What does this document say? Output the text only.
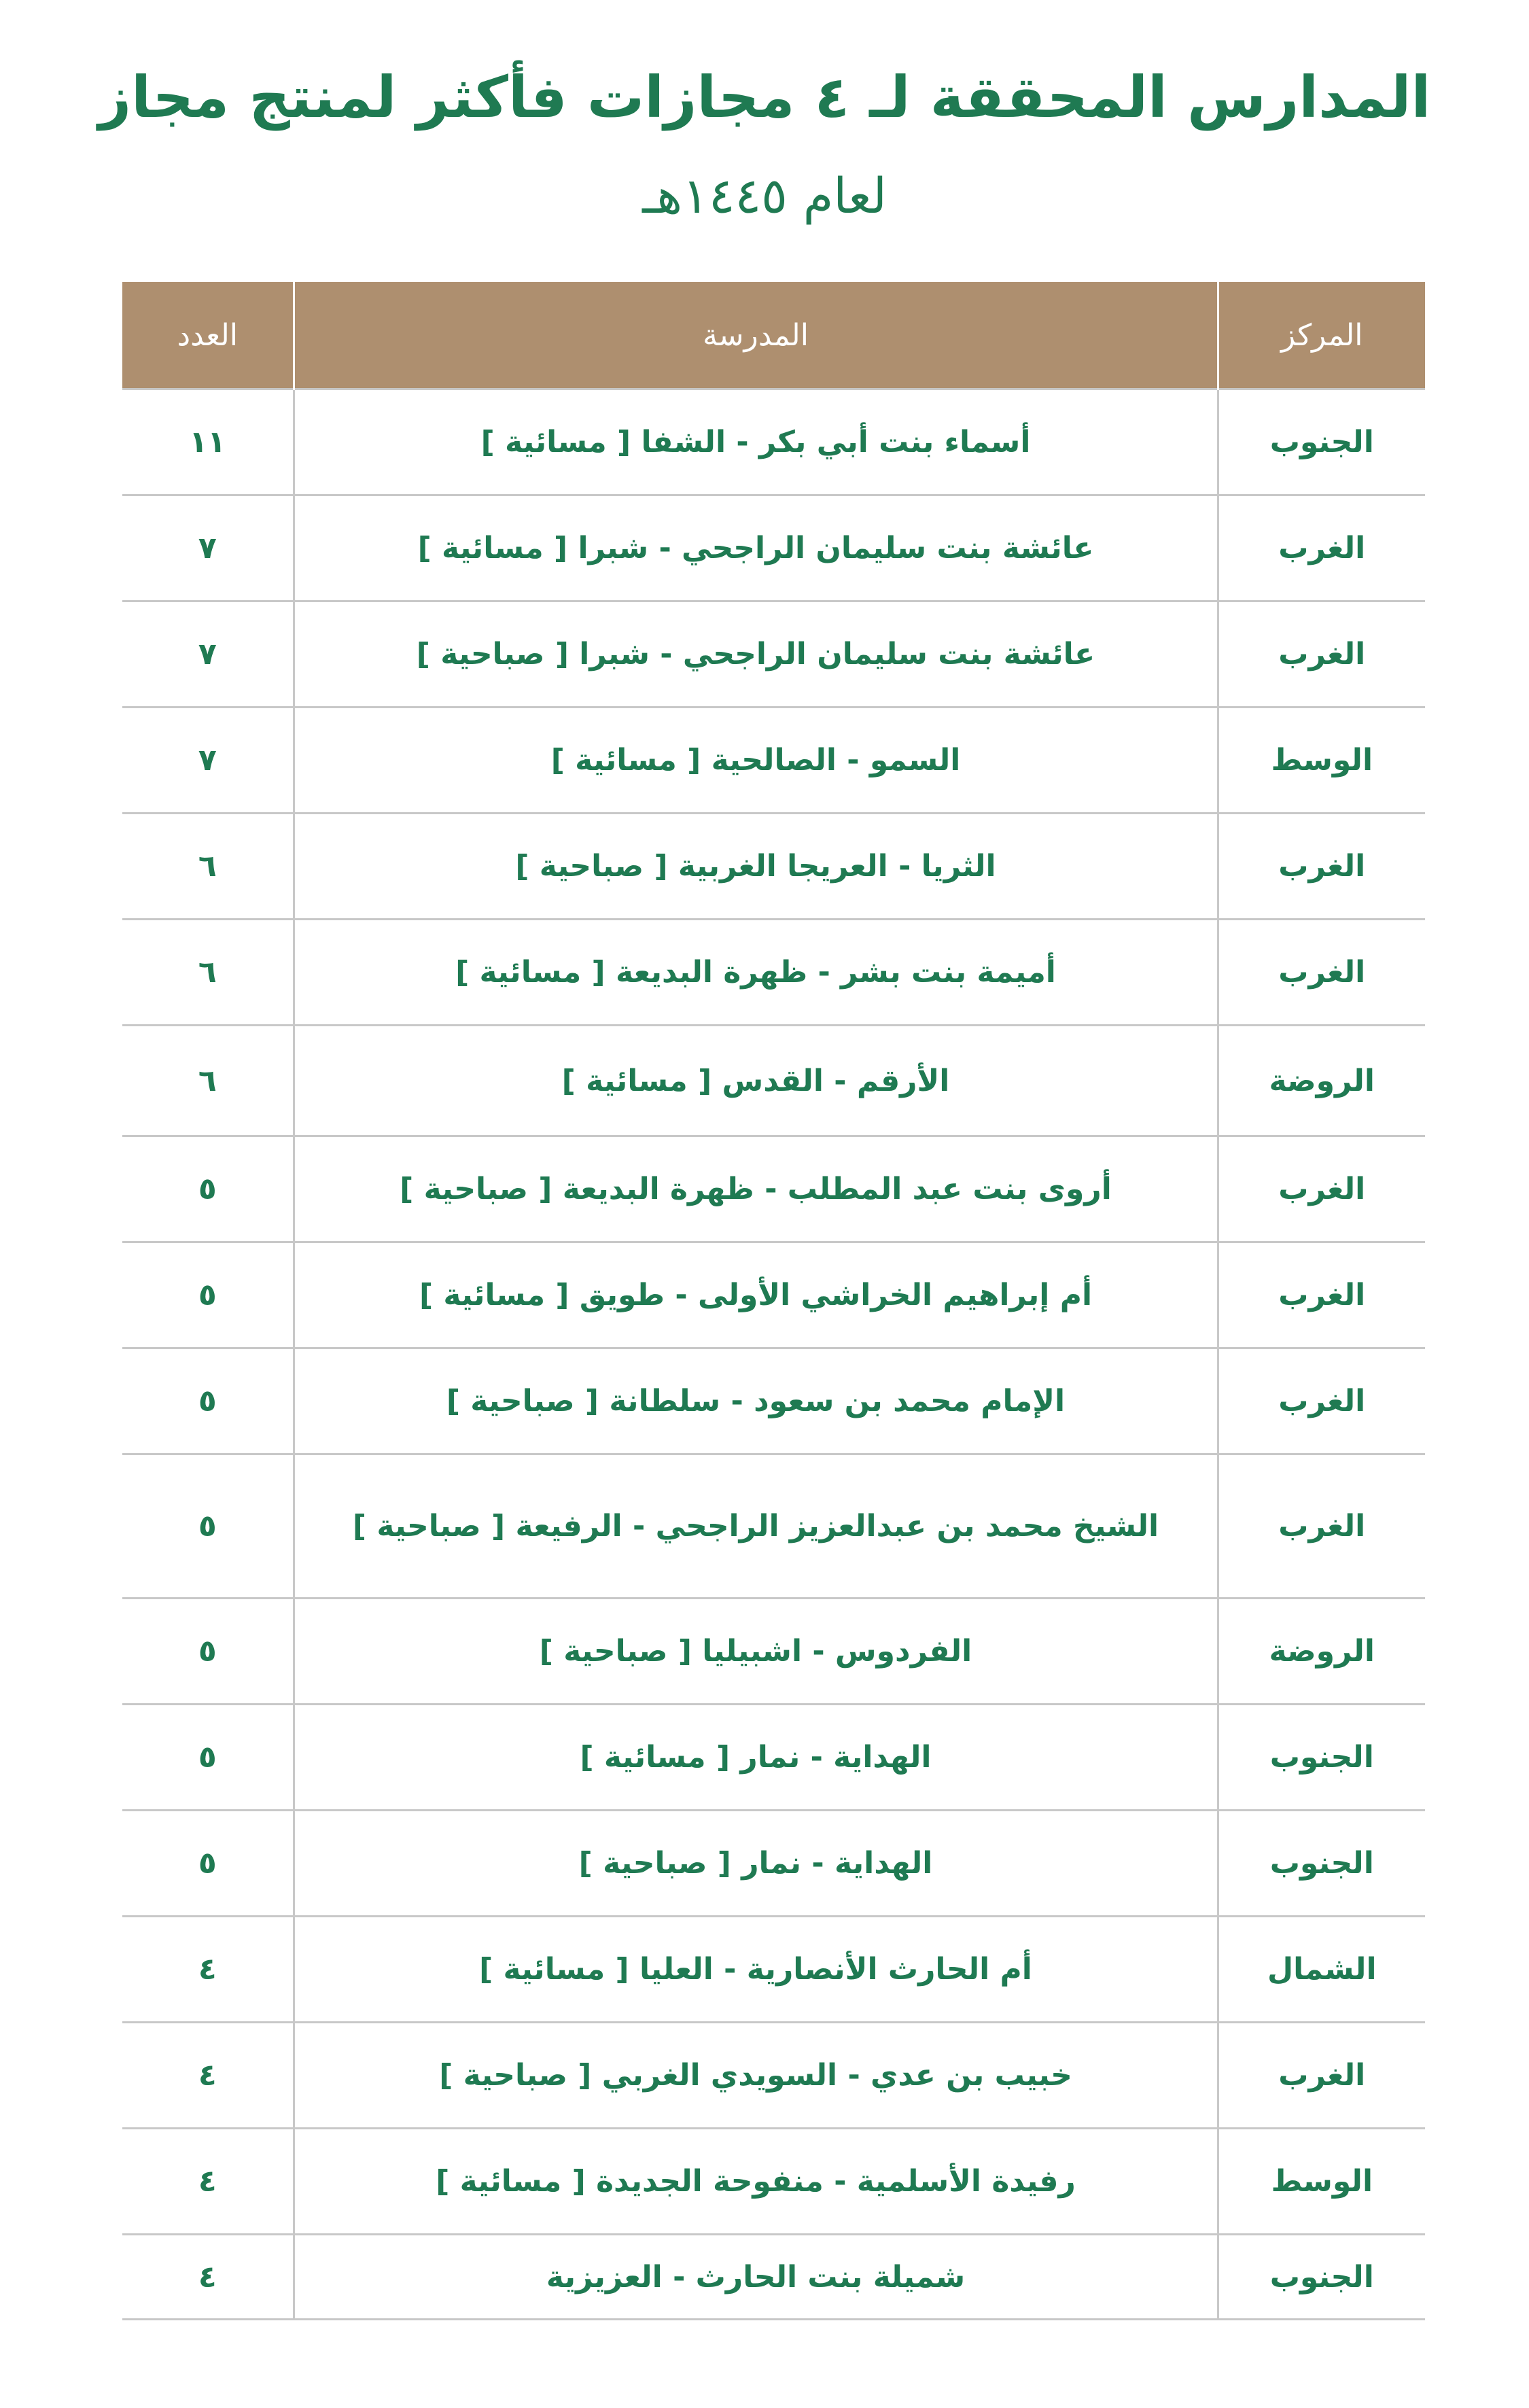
المدارس المحققة لـ ٤ مجازات فأكثر لمنتج مجاز
لعام ١٤٤٥هـ
العدد	المدرسة	المركز
١١	أسماء بنت أبي بكر - الشفا [ مسائية ]	الجنوب
٧	عائشة بنت سليمان الراجحي - شبرا [ مسائية ]	الغرب
٧	عائشة بنت سليمان الراجحي - شبرا [ صباحية ]	الغرب
٧	السمو - الصالحية [ مسائية ]	الوسط
٦	الثريا - العريجا الغربية [ صباحية ]	الغرب
٦	أميمة بنت بشر - ظهرة البديعة [ مسائية ]	الغرب
٦	الأرقم - القدس [ مسائية ]	الروضة
٥	أروى بنت عبد المطلب - ظهرة البديعة [ صباحية ]	الغرب
٥	أم إبراهيم الخراشي الأولى - طويق [ مسائية ]	الغرب
٥	الإمام محمد بن سعود - سلطانة [ صباحية ]	الغرب
٥	الشيخ محمد بن عبدالعزيز الراجحي - الرفيعة [ صباحية ]	الغرب
٥	الفردوس - اشبيليا [ صباحية ]	الروضة
٥	الهداية - نمار [ مسائية ]	الجنوب
٥	الهداية - نمار [ صباحية ]	الجنوب
٤	أم الحارث الأنصارية - العليا [ مسائية ]	الشمال
٤	خبيب بن عدي - السويدي الغربي [ صباحية ]	الغرب
٤	رفيدة الأسلمية - منفوحة الجديدة [ مسائية ]	الوسط
٤	شميلة بنت الحارث - العزيزية	الجنوب
